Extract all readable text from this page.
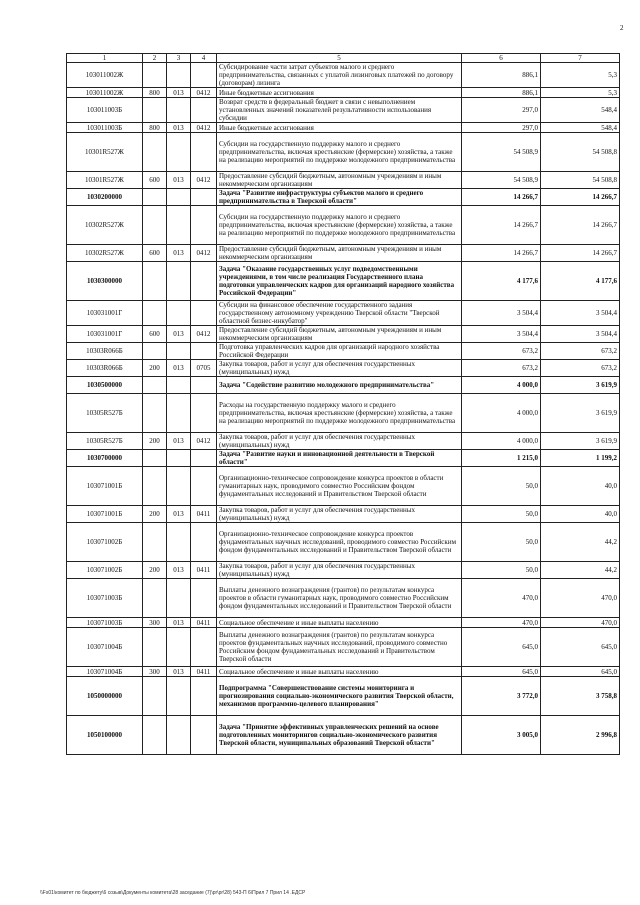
2
1	2	3	4	5	6	7
103011002Ж				Субсидирование части затрат субъектов малого и среднего предпринимательства, связанных с уплатой лизинговых платежей по договору (договорам) лизинга	886,1	5,3
103011002Ж	800	013	0412	Иные бюджетные ассигнования	886,1	5,3
103011003Б				Возврат средств в федеральный бюджет в связи с невыполнением установленных значений показателей результативности использования субсидии	297,0	548,4
103011003Б	800	013	0412	Иные бюджетные ассигнования	297,0	548,4
10301R527Ж				Субсидии на государственную поддержку малого и среднего предпринимательства, включая крестьянские (фермерские) хозяйства, а также на реализацию мероприятий по поддержке молодежного предпринимательства	54 508,9	54 508,8
10301R527Ж	600	013	0412	Предоставление субсидий бюджетным, автономным учреждениям и иным некоммерческим организациям	54 508,9	54 508,8
1030200000				Задача "Развитие инфраструктуры субъектов малого и среднего предпринимательства в Тверской области"	14 266,7	14 266,7
10302R527Ж				Субсидии на государственную поддержку малого и среднего предпринимательства, включая крестьянские (фермерские) хозяйства, а также на реализацию мероприятий по поддержке молодежного предпринимательства	14 266,7	14 266,7
10302R527Ж	600	013	0412	Предоставление субсидий бюджетным, автономным учреждениям и иным некоммерческим организациям	14 266,7	14 266,7
1030300000				Задача "Оказание государственных услуг подведомственными учреждениями, в том числе реализация Государственного плана подготовки управленческих кадров для организаций народного хозяйства Российской Федерации"	4 177,6	4 177,6
103031001Г				Субсидии на финансовое обеспечение государственного задания государственному автономному учреждению Тверской области "Тверской областной бизнес-инкубатор"	3 504,4	3 504,4
103031001Г	600	013	0412	Предоставление субсидий бюджетным, автономным учреждениям и иным некоммерческим организациям	3 504,4	3 504,4
10303R066Б				Подготовка управленческих кадров для организаций народного хозяйства Российской Федерации	673,2	673,2
10303R066Б	200	013	0705	Закупка товаров, работ и услуг для обеспечения государственных (муниципальных) нужд	673,2	673,2
1030500000				Задача "Содействие развитию молодежного предпринимательства"	4 000,0	3 619,9
10305R527Б				Расходы на государственную поддержку малого и среднего предпринимательства, включая крестьянские (фермерские) хозяйства, а также на реализацию мероприятий по поддержке молодежного предпринимательства	4 000,0	3 619,9
10305R527Б	200	013	0412	Закупка товаров, работ и услуг для обеспечения государственных (муниципальных) нужд	4 000,0	3 619,9
1030700000				Задача "Развитие науки и инновационной деятельности в Тверской области"	1 215,0	1 199,2
103071001Б				Организационно-техническое сопровождение конкурса проектов в области гуманитарных наук, проводимого совместно Российским фондом фундаментальных исследований и Правительством Тверской области	50,0	40,0
103071001Б	200	013	0411	Закупка товаров, работ и услуг для обеспечения государственных (муниципальных) нужд	50,0	40,0
103071002Б				Организационно-техническое сопровождение конкурса проектов фундаментальных научных исследований, проводимого совместно Российским фондом фундаментальных исследований и Правительством Тверской области	50,0	44,2
103071002Б	200	013	0411	Закупка товаров, работ и услуг для обеспечения государственных (муниципальных) нужд	50,0	44,2
103071003Б				Выплаты денежного вознаграждения (грантов) по результатам конкурса проектов в области гуманитарных наук, проводимого совместно Российским фондом фундаментальных исследований и Правительством Тверской области	470,0	470,0
103071003Б	300	013	0411	Социальное обеспечение и иные выплаты населению	470,0	470,0
103071004Б				Выплаты денежного вознаграждения (грантов) по результатам конкурса проектов фундаментальных научных исследований, проводимого совместно Российским фондом фундаментальных исследований и Правительством Тверской области	645,0	645,0
103071004Б	300	013	0411	Социальное обеспечение и иные выплаты населению	645,0	645,0
1050000000				Подпрограмма "Совершенствование системы мониторинга и прогнозирования социально-экономического развития Тверской области, механизмов программно-целевого планирования"	3 772,0	3 758,8
1050100000				Задача "Принятие эффективных управленческих решений на основе подготовленных мониторингов социально-экономического развития Тверской области, муниципальных образований Тверской области"	3 005,0	2 996,8
\\Fs01\комитет по бюджету\6 созыв\Документы комитета\28 заседание (7)\pr\pr\28) 543-П 6\Прил 7 Прил 14 .ЕДСР
